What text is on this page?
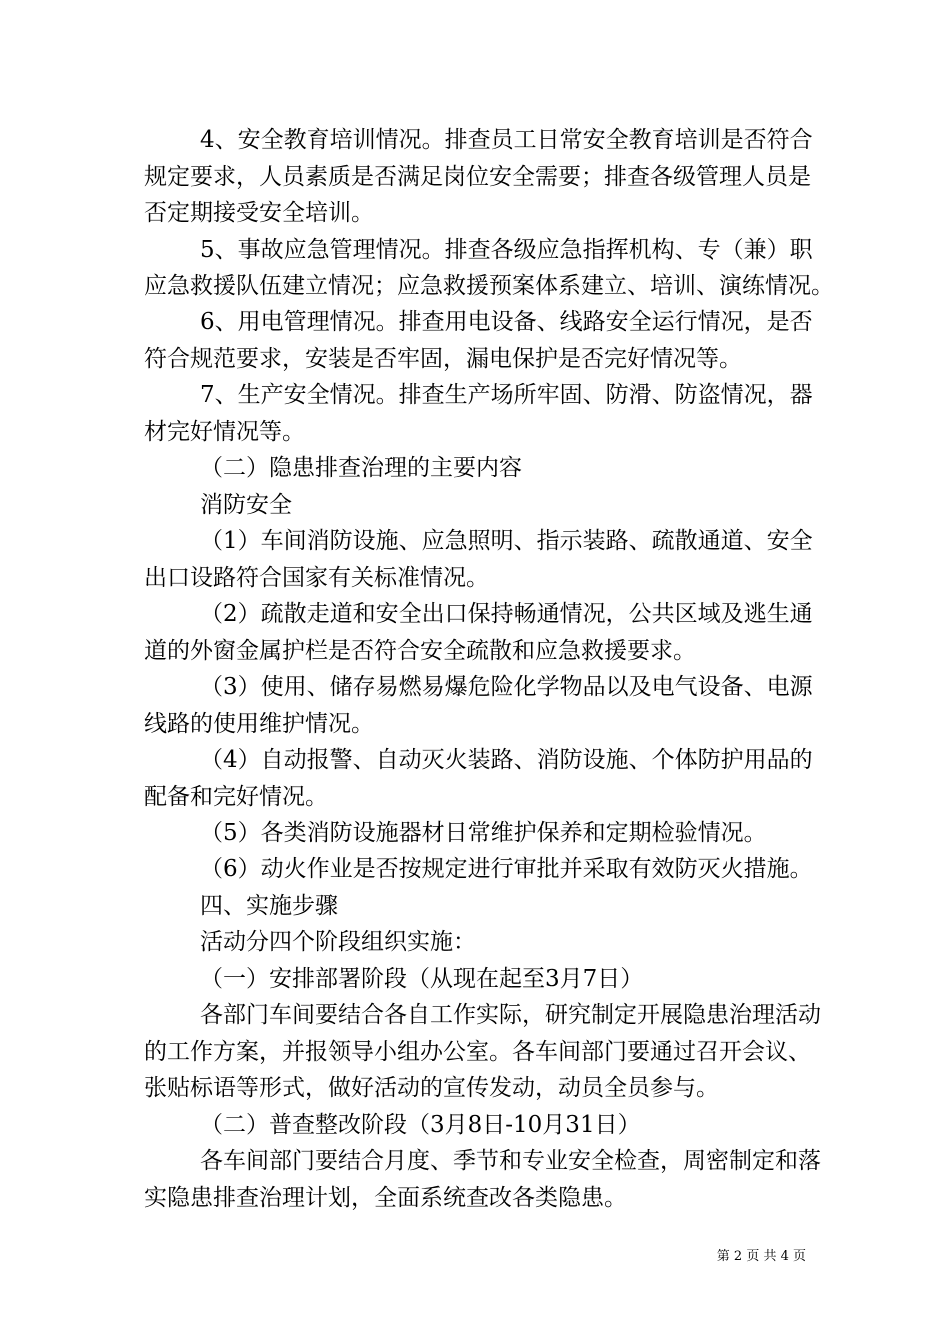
4、安全教育培训情况。排查员工日常安全教育培训是否符合
规定要求，人员素质是否满足岗位安全需要；排查各级管理人员是
否定期接受安全培训。
5、事故应急管理情况。排查各级应急指挥机构、专（兼）职
应急救援队伍建立情况；应急救援预案体系建立、培训、演练情况。
6、用电管理情况。排查用电设备、线路安全运行情况，是否
符合规范要求，安装是否牢固，漏电保护是否完好情况等。
7、生产安全情况。排查生产场所牢固、防滑、防盗情况，器
材完好情况等。
（二）隐患排查治理的主要内容
消防安全
（1）车间消防设施、应急照明、指示装路、疏散通道、安全
出口设路符合国家有关标准情况。
（2）疏散走道和安全出口保持畅通情况，公共区域及逃生通
道的外窗金属护栏是否符合安全疏散和应急救援要求。
（3）使用、储存易燃易爆危险化学物品以及电气设备、电源
线路的使用维护情况。
（4）自动报警、自动灭火装路、消防设施、个体防护用品的
配备和完好情况。
（5）各类消防设施器材日常维护保养和定期检验情况。
（6）动火作业是否按规定进行审批并采取有效防灭火措施。
四、实施步骤
活动分四个阶段组织实施：
（一）安排部署阶段（从现在起至3月7日）
各部门车间要结合各自工作实际，研究制定开展隐患治理活动
的工作方案，并报领导小组办公室。各车间部门要通过召开会议、
张贴标语等形式，做好活动的宣传发动，动员全员参与。
（二）普查整改阶段（3月8日-10月31日）
各车间部门要结合月度、季节和专业安全检查，周密制定和落
实隐患排查治理计划，全面系统查改各类隐患。
第 2 页 共 4 页
